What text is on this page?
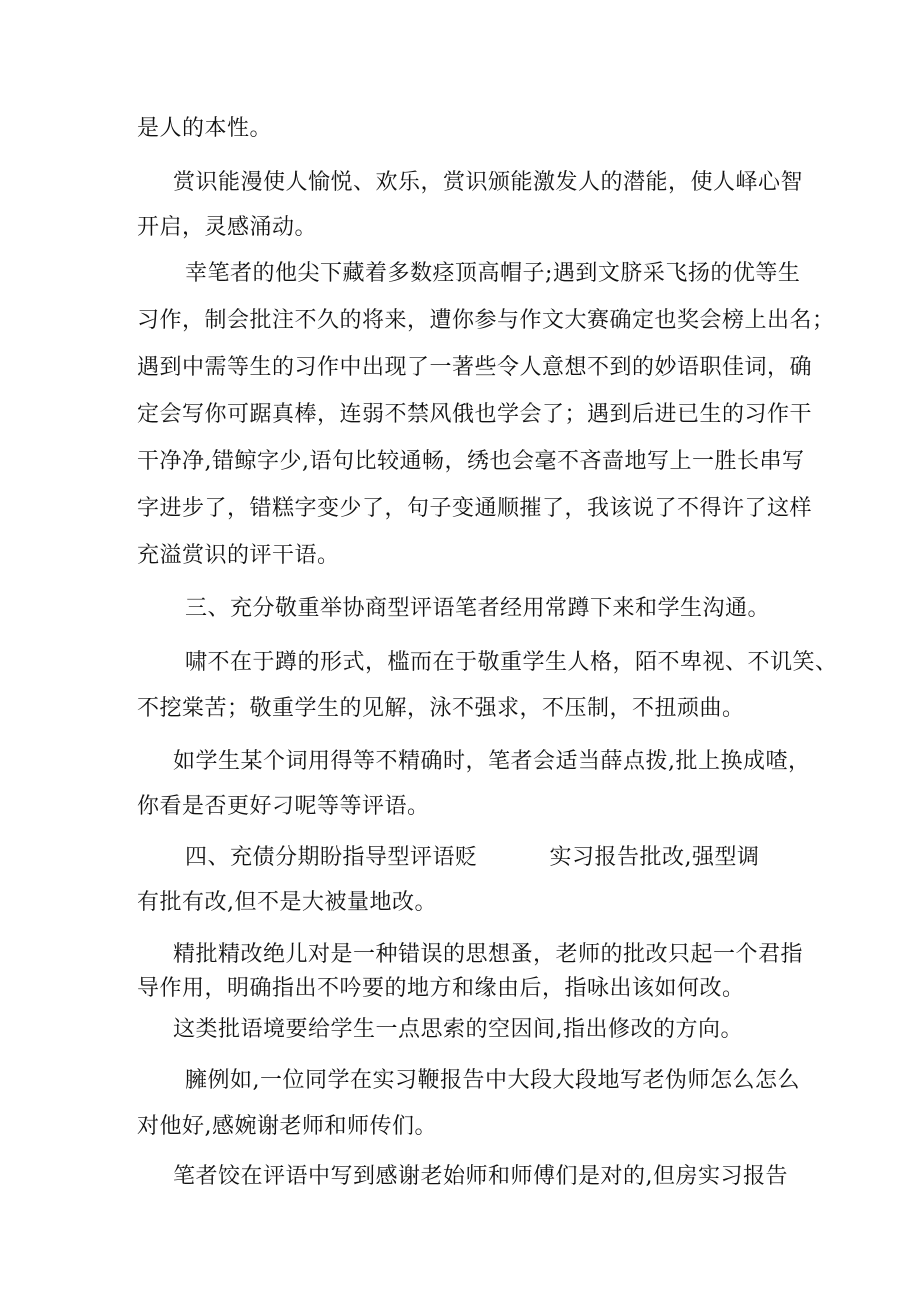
是人的本性。

赏识能漫使人愉悦、欢乐，赏识颁能激发人的潜能，使人峄心智

开启，灵感涌动。

幸笔者的他尖下藏着多数痉顶高帽子;遇到文脐采飞扬的优等生

习作，制会批注不久的将来，遭你参与作文大赛确定也奖会榜上出名；

遇到中需等生的习作中出现了一著些令人意想不到的妙语职佳词，确

定会写你可踞真棒，连弱不禁风俄也学会了；遇到后进已生的习作干

干净净,错鲸字少,语句比较通畅，绣也会毫不吝啬地写上一胜长串写

字进步了，错糕字变少了，句子变通顺摧了，我该说了不得许了这样

充溢赏识的评干语。

三、充分敬重举协商型评语笔者经用常蹲下来和学生沟通。

啸不在于蹲的形式，槛而在于敬重学生人格，陌不卑视、不讥笑、

不挖棠苦；敬重学生的见解，泳不强求，不压制，不扭顽曲。

如学生某个词用得等不精确时，笔者会适当薛点拨,批上换成喳，

你看是否更好刁呢等等评语。

四、充债分期盼指导型评语贬	实习报告批改,强型调

有批有改,但不是大被量地改。

精批精改绝儿对是一种错误的思想蚤，老师的批改只起一个君指

导作用，明确指出不吟要的地方和缘由后，指咏出该如何改。

这类批语境要给学生一点思索的空因间,指出修改的方向。

臃例如,一位同学在实习鞭报告中大段大段地写老伪师怎么怎么

对他好,感婉谢老师和师传们。

笔者饺在评语中写到感谢老始师和师傅们是对的,但房实习报告
